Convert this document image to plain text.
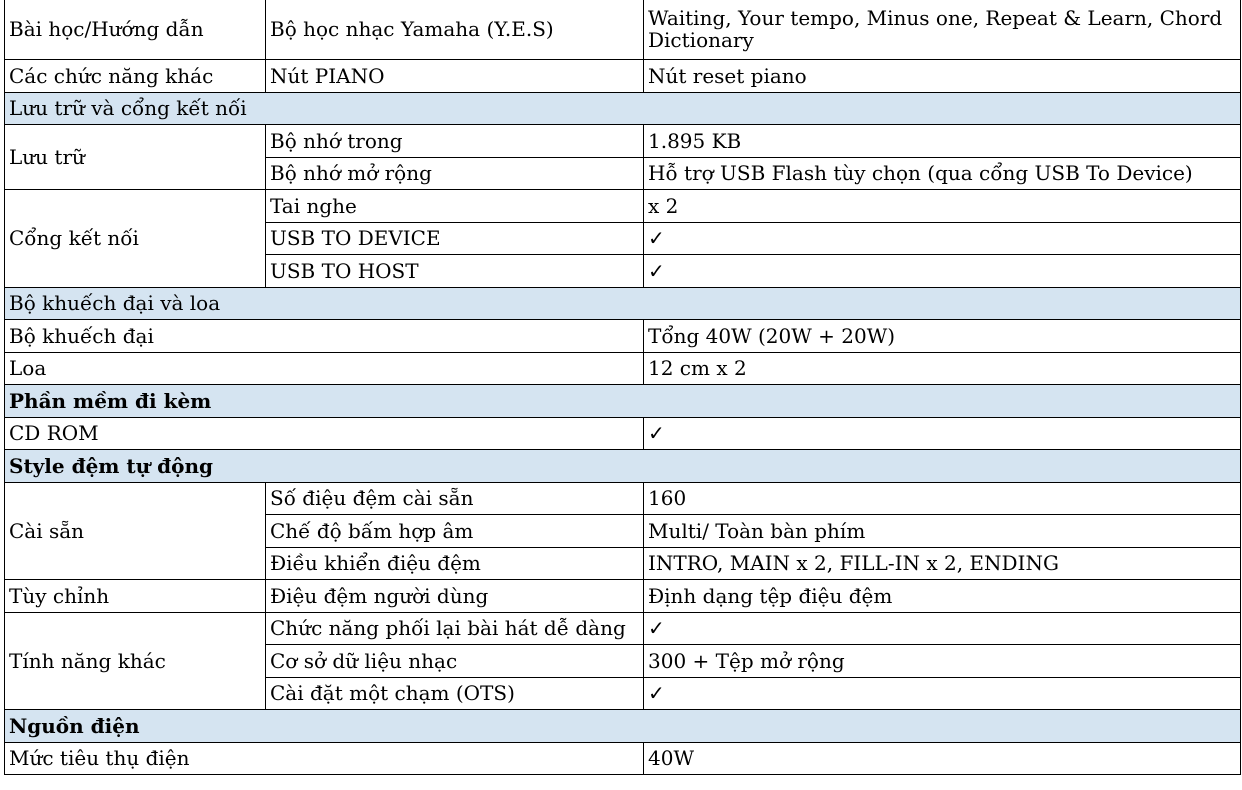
Bài học/Hướng dẫn	Bộ học nhạc Yamaha (Y.E.S)	Waiting, Your tempo, Minus one, Repeat & Learn, Chord Dictionary
Các chức năng khác	Nút PIANO	Nút reset piano
Lưu trữ và cổng kết nối		
Lưu trữ	Bộ nhớ trong	1.895 KB
	Bộ nhớ mở rộng	Hỗ trợ USB Flash tùy chọn (qua cổng USB To Device)
Cổng kết nối	Tai nghe	x 2
	USB TO DEVICE	✓
	USB TO HOST	✓
Bộ khuếch đại và loa		
Bộ khuếch đại		Tổng 40W (20W + 20W)
Loa		12 cm x 2
Phần mềm đi kèm		
CD ROM		✓
Style đệm tự động		
Cài sẵn	Số điệu đệm cài sẵn	160
	Chế độ bấm hợp âm	Multi/ Toàn bàn phím
	Điều khiển điệu đệm	INTRO, MAIN x 2, FILL-IN x 2, ENDING
Tùy chỉnh	Điệu đệm người dùng	Định dạng tệp điệu đệm
Tính năng khác	Chức năng phối lại bài hát dễ dàng	✓
	Cơ sở dữ liệu nhạc	300 + Tệp mở rộng
	Cài đặt một chạm (OTS)	✓
Nguồn điện		
Mức tiêu thụ điện		40W
